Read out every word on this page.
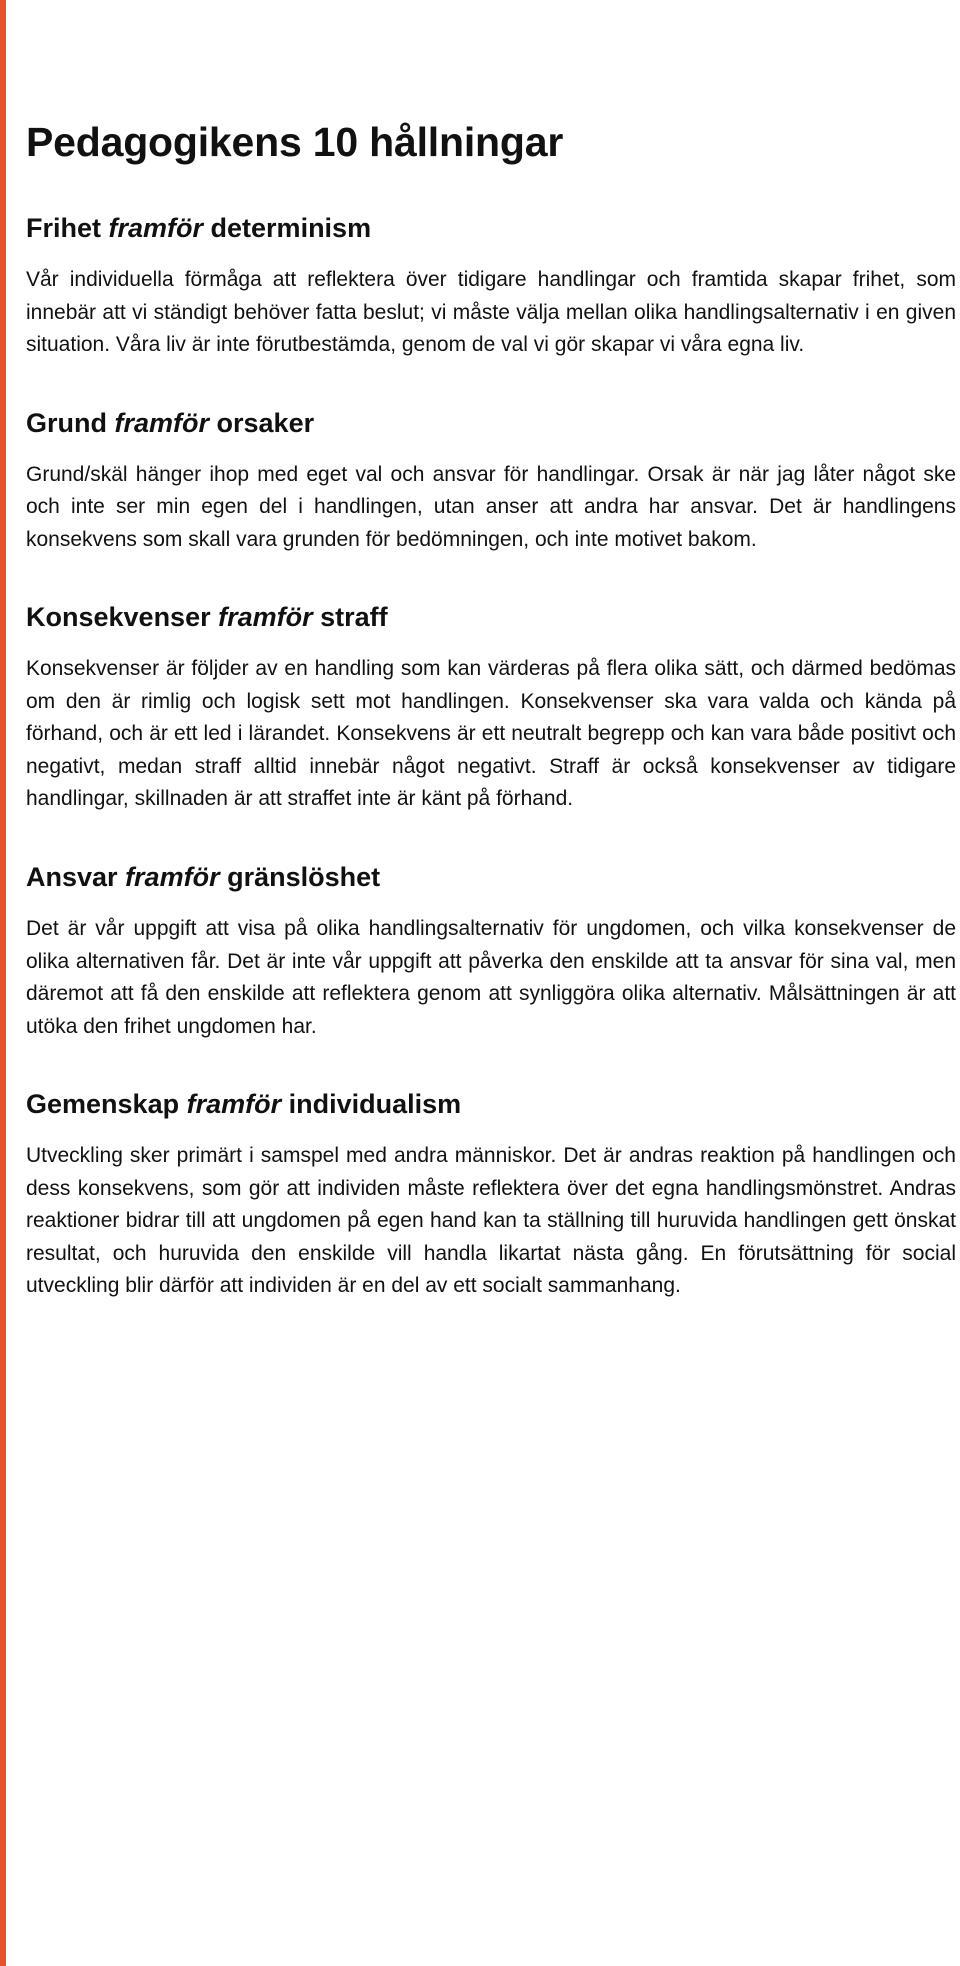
Pedagogikens 10 hållningar
Frihet framför determinism

Vår individuella förmåga att reflektera över tidigare handlingar och framtida skapar frihet, som innebär att vi ständigt behöver fatta beslut; vi måste välja mellan olika handlingsalternativ i en given situation. Våra liv är inte förutbestämda, genom de val vi gör skapar vi våra egna liv.

Grund framför orsaker

Grund/skäl hänger ihop med eget val och ansvar för handlingar. Orsak är när jag låter något ske och inte ser min egen del i handlingen, utan anser att andra har ansvar. Det är handlingens konsekvens som skall vara grunden för bedömningen, och inte motivet bakom.

Konsekvenser framför straff

Konsekvenser är följder av en handling som kan värderas på flera olika sätt, och därmed bedömas om den är rimlig och logisk sett mot handlingen. Konsekvenser ska vara valda och kända på förhand, och är ett led i lärandet. Konsekvens är ett neutralt begrepp och kan vara både positivt och negativt, medan straff alltid innebär något negativt. Straff är också konsekvenser av tidigare handlingar, skillnaden är att straffet inte är känt på förhand.

Ansvar framför gränslöshet

Det är vår uppgift att visa på olika handlingsalternativ för ungdomen, och vilka konsekvenser de olika alternativen får. Det är inte vår uppgift att påverka den enskilde att ta ansvar för sina val, men däremot att få den enskilde att reflektera genom att synliggöra olika alternativ. Målsättningen är att utöka den frihet ungdomen har.

Gemenskap framför individualism

Utveckling sker primärt i samspel med andra människor. Det är andras reaktion på handlingen och dess konsekvens, som gör att individen måste reflektera över det egna handlingsmönstret. Andras reaktioner bidrar till att ungdomen på egen hand kan ta ställning till huruvida handlingen gett önskat resultat, och huruvida den enskilde vill handla likartat nästa gång. En förutsättning för social utveckling blir därför att individen är en del av ett socialt sammanhang.
